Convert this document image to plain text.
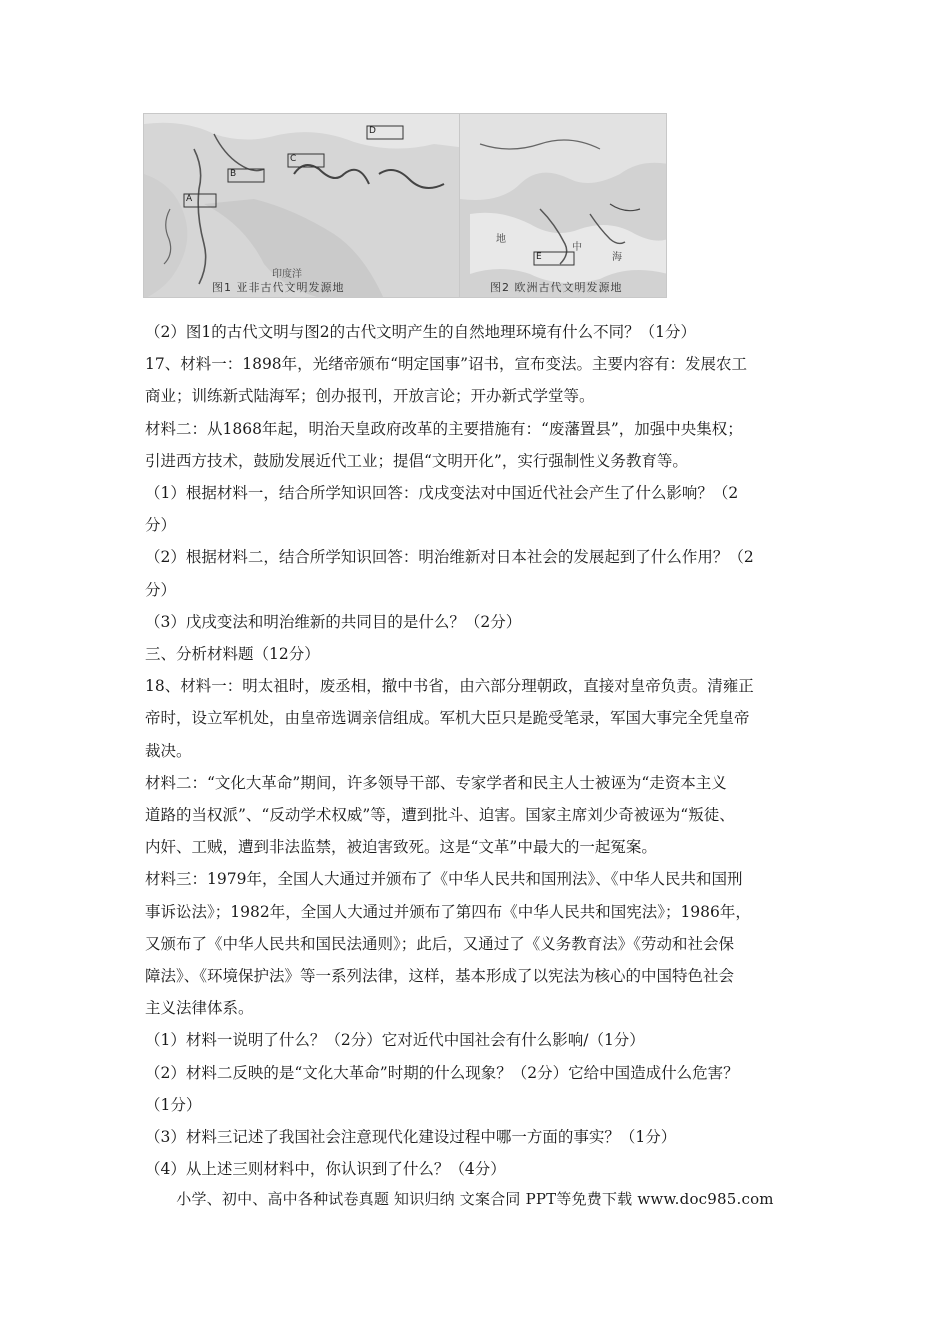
A
B
C
D
印度洋
图1 亚非古代文明发源地
E
地
中
海
图2 欧洲古代文明发源地

（2）图1的古代文明与图2的古代文明产生的自然地理环境有什么不同？（1分）

17、材料一：1898年，光绪帝颁布“明定国事”诏书，宣布变法。主要内容有：发展农工

商业；训练新式陆海军；创办报刊，开放言论；开办新式学堂等。

材料二：从1868年起，明治天皇政府改革的主要措施有：“废藩置县”，加强中央集权；

引进西方技术，鼓励发展近代工业；提倡“文明开化”，实行强制性义务教育等。

（1）根据材料一，结合所学知识回答：戊戌变法对中国近代社会产生了什么影响？（2

分）

（2）根据材料二，结合所学知识回答：明治维新对日本社会的发展起到了什么作用？（2

分）

（3）戊戌变法和明治维新的共同目的是什么？（2分）

三、分析材料题（12分）

18、材料一：明太祖时，废丞相，撤中书省，由六部分理朝政，直接对皇帝负责。清雍正

帝时，设立军机处，由皇帝选调亲信组成。军机大臣只是跪受笔录，军国大事完全凭皇帝

裁决。

材料二：“文化大革命”期间，许多领导干部、专家学者和民主人士被诬为“走资本主义

道路的当权派”、“反动学术权威”等，遭到批斗、迫害。国家主席刘少奇被诬为“叛徒、

内奸、工贼，遭到非法监禁，被迫害致死。这是“文革”中最大的一起冤案。

材料三：1979年，全国人大通过并颁布了《中华人民共和国刑法》、《中华人民共和国刑

事诉讼法》；1982年，全国人大通过并颁布了第四布《中华人民共和国宪法》；1986年，

又颁布了《中华人民共和国民法通则》；此后，又通过了《义务教育法》《劳动和社会保

障法》、《环境保护法》等一系列法律，这样，基本形成了以宪法为核心的中国特色社会

主义法律体系。

（1）材料一说明了什么？（2分）它对近代中国社会有什么影响/（1分）

（2）材料二反映的是“文化大革命”时期的什么现象？（2分）它给中国造成什么危害？

（1分）

（3）材料三记述了我国社会注意现代化建设过程中哪一方面的事实？（1分）

（4）从上述三则材料中，你认识到了什么？（4分）

小学、初中、高中各种试卷真题 知识归纳 文案合同 PPT等免费下载 www.doc985.com
